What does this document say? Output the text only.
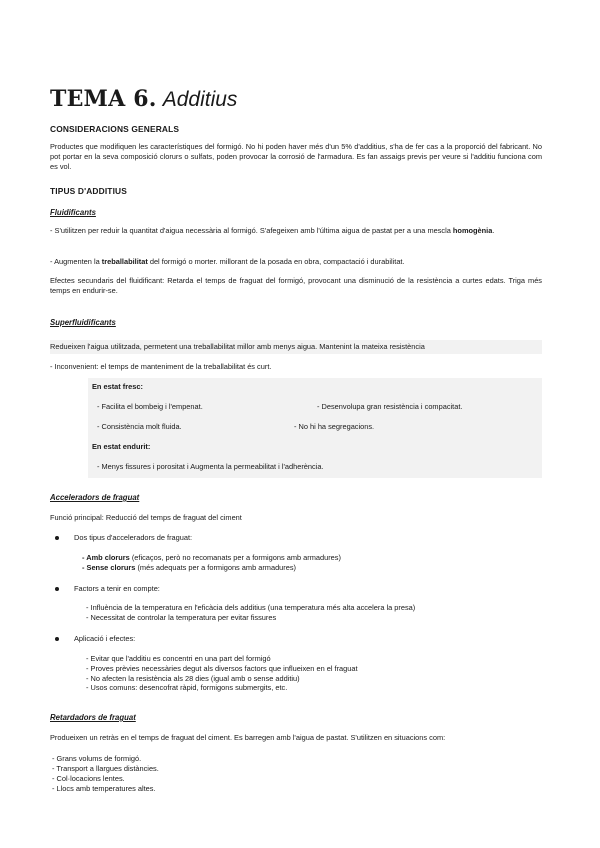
TEMA 6. Additius
CONSIDERACIONS GENERALS
Productes que modifiquen les característiques del formigó. No hi poden haver més d'un 5% d'additius, s'ha de fer cas a la proporció del fabricant. No pot portar en la seva composició clorurs o sulfats, poden provocar la corrosió de l'armadura. Es fan assaigs previs per veure si l'additiu funciona com es vol.
TIPUS D'ADDITIUS
Fluidificants
- S'utilitzen per reduir la quantitat d'aigua necessària al formigó. S'afegeixen amb l'última aigua de pastat per a una mescla homogènia.
- Augmenten la treballabilitat del formigó o morter. millorant de la posada en obra, compactació i durabilitat.
Efectes secundaris del fluidificant: Retarda el temps de fraguat del formigó, provocant una disminució de la resistència a curtes edats. Triga més temps en endurir-se.
Superfluidificants
Redueixen l'aigua utilitzada, permetent una treballabilitat millor amb menys aigua. Mantenint la mateixa resistència
- Inconvenient: el temps de manteniment de la treballabilitat és curt.
En estat fresc:
- Facilita el bombeig i l'empenat.	- Desenvolupa gran resistència i compacitat.
- Consistència molt fluida.	- No hi ha segregacions.
En estat endurit:
- Menys fissures i porositat i Augmenta la permeabilitat i l'adherència.
Acceleradors de fraguat
Funció principal: Reducció del temps de fraguat del ciment
Dos tipus d'acceleradors de fraguat:
- Amb clorurs (eficaços, però no recomanats per a formigons amb armadures)
- Sense clorurs (més adequats per a formigons amb armadures)
Factors a tenir en compte:
- Influència de la temperatura en l'eficàcia dels additius (una temperatura més alta accelera la presa)
- Necessitat de controlar la temperatura per evitar fissures
Aplicació i efectes:
- Evitar que l'additiu es concentri en una part del formigó
- Proves prèvies necessàries degut als diversos factors que influeixen en el fraguat
- No afecten la resistència als 28 dies (igual amb o sense additiu)
- Usos comuns: desencofrat ràpid, formigons submergits, etc.
Retardadors de fraguat
Produeixen un retràs en el temps de fraguat del ciment. Es barregen amb l'aigua de pastat. S'utilitzen en situacions com:
- Grans volums de formigó.
- Transport a llargues distàncies.
- Col·locacions lentes.
- Llocs amb temperatures altes.
